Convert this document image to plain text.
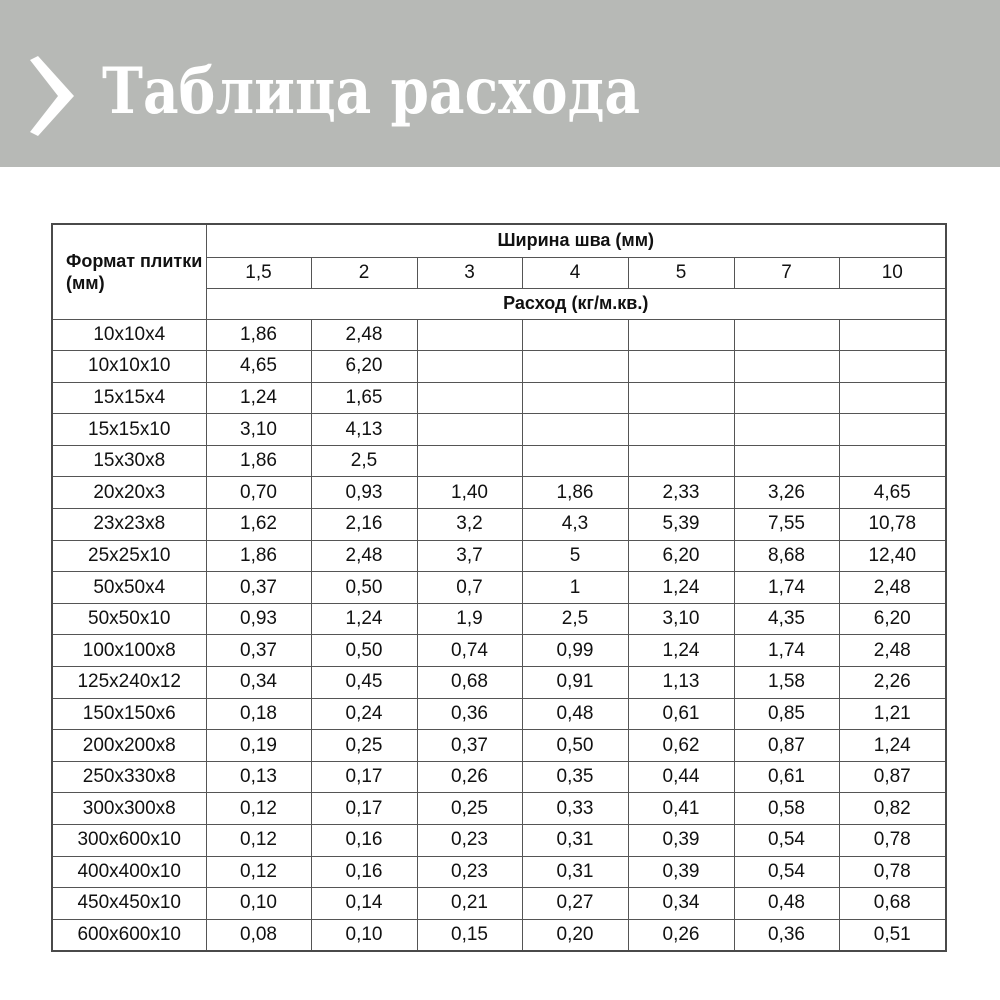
Таблица расхода
Формат плитки (мм)	Ширина шва (мм)						
	1,5	2	3	4	5	7	10
	Расход (кг/м.кв.)						
10x10x4	1,86	2,48					
10x10x10	4,65	6,20					
15x15x4	1,24	1,65					
15x15x10	3,10	4,13					
15x30x8	1,86	2,5					
20x20x3	0,70	0,93	1,40	1,86	2,33	3,26	4,65
23x23x8	1,62	2,16	3,2	4,3	5,39	7,55	10,78
25x25x10	1,86	2,48	3,7	5	6,20	8,68	12,40
50x50x4	0,37	0,50	0,7	1	1,24	1,74	2,48
50x50x10	0,93	1,24	1,9	2,5	3,10	4,35	6,20
100x100x8	0,37	0,50	0,74	0,99	1,24	1,74	2,48
125x240x12	0,34	0,45	0,68	0,91	1,13	1,58	2,26
150x150x6	0,18	0,24	0,36	0,48	0,61	0,85	1,21
200x200x8	0,19	0,25	0,37	0,50	0,62	0,87	1,24
250x330x8	0,13	0,17	0,26	0,35	0,44	0,61	0,87
300x300x8	0,12	0,17	0,25	0,33	0,41	0,58	0,82
300x600x10	0,12	0,16	0,23	0,31	0,39	0,54	0,78
400x400x10	0,12	0,16	0,23	0,31	0,39	0,54	0,78
450x450x10	0,10	0,14	0,21	0,27	0,34	0,48	0,68
600x600x10	0,08	0,10	0,15	0,20	0,26	0,36	0,51
